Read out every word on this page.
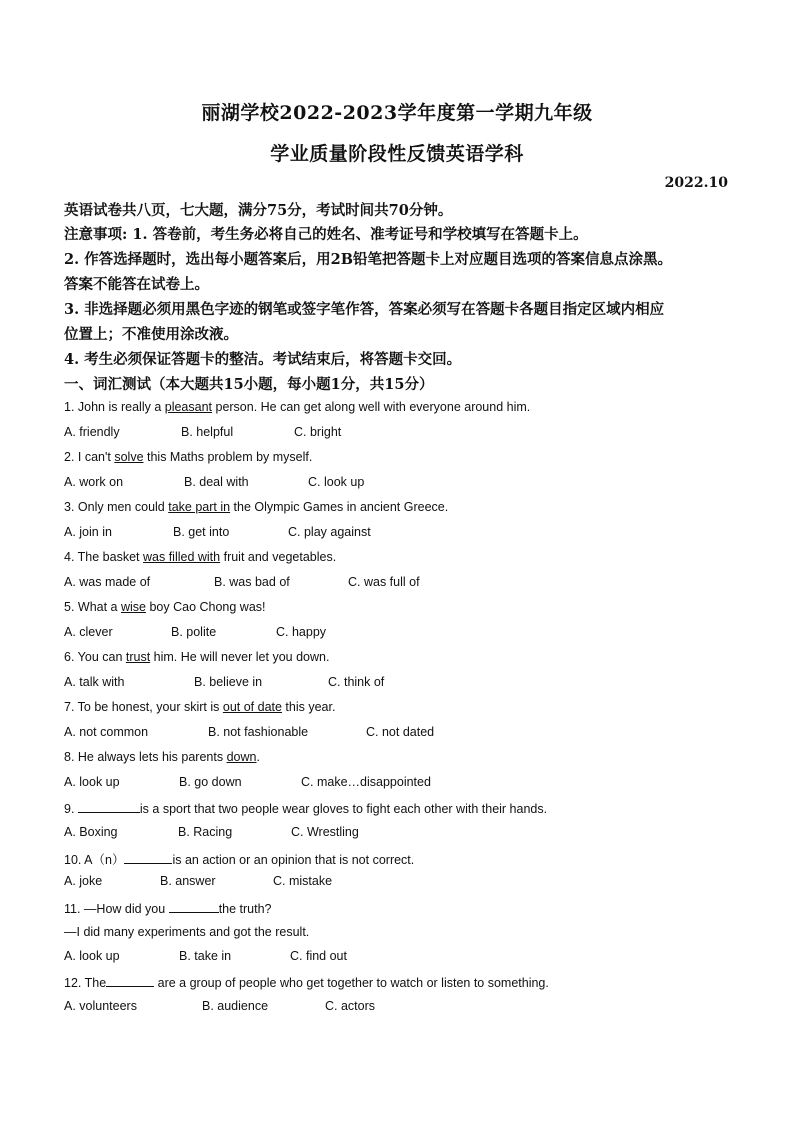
丽湖学校2022-2023学年度第一学期九年级
学业质量阶段性反馈英语学科
2022.10
英语试卷共八页，七大题，满分75分，考试时间共70分钟。
注意事项: 1. 答卷前，考生务必将自己的姓名、准考证号和学校填写在答题卡上。
2. 作答选择题时，选出每小题答案后，用2B铅笔把答题卡上对应题目选项的答案信息点涂黑。
答案不能答在试卷上。
3. 非选择题必须用黑色字迹的钢笔或签字笔作答，答案必须写在答题卡各题目指定区域内相应
位置上；不准使用涂改液。
4. 考生必须保证答题卡的整洁。考试结束后，将答题卡交回。
一、词汇测试（本大题共15小题，每小题1分，共15分）
1. John is really a pleasant person. He can get along well with everyone around him.
A. friendly	B. helpful	C. bright
2. I can't solve this Maths problem by myself.
A. work on	B. deal with	C. look up
3. Only men could take part in the Olympic Games in ancient Greece.
A. join in	B. get into	C. play against
4. The basket was filled with fruit and vegetables.
A. was made of	B. was bad of	C. was full of
5. What a wise boy Cao Chong was!
A. clever	B. polite	C. happy
6. You can trust him. He will never let you down.
A. talk with	B. believe in	C. think of
7. To be honest, your skirt is out of date this year.
A. not common	B. not fashionable	C. not dated
8. He always lets his parents down.
A. look up	B. go down	C. make…disappointed
9.	is a sport that two people wear gloves to fight each other with their hands.
A. Boxing	B. Racing	C. Wrestling
10. A（n）	is an action or an opinion that is not correct.
A. joke	B. answer	C. mistake
11. —How did you	the truth?
—I did many experiments and got the result.
A. look up	B. take in	C. find out
12. The	are a group of people who get together to watch or listen to something.
A. volunteers	B. audience	C. actors
